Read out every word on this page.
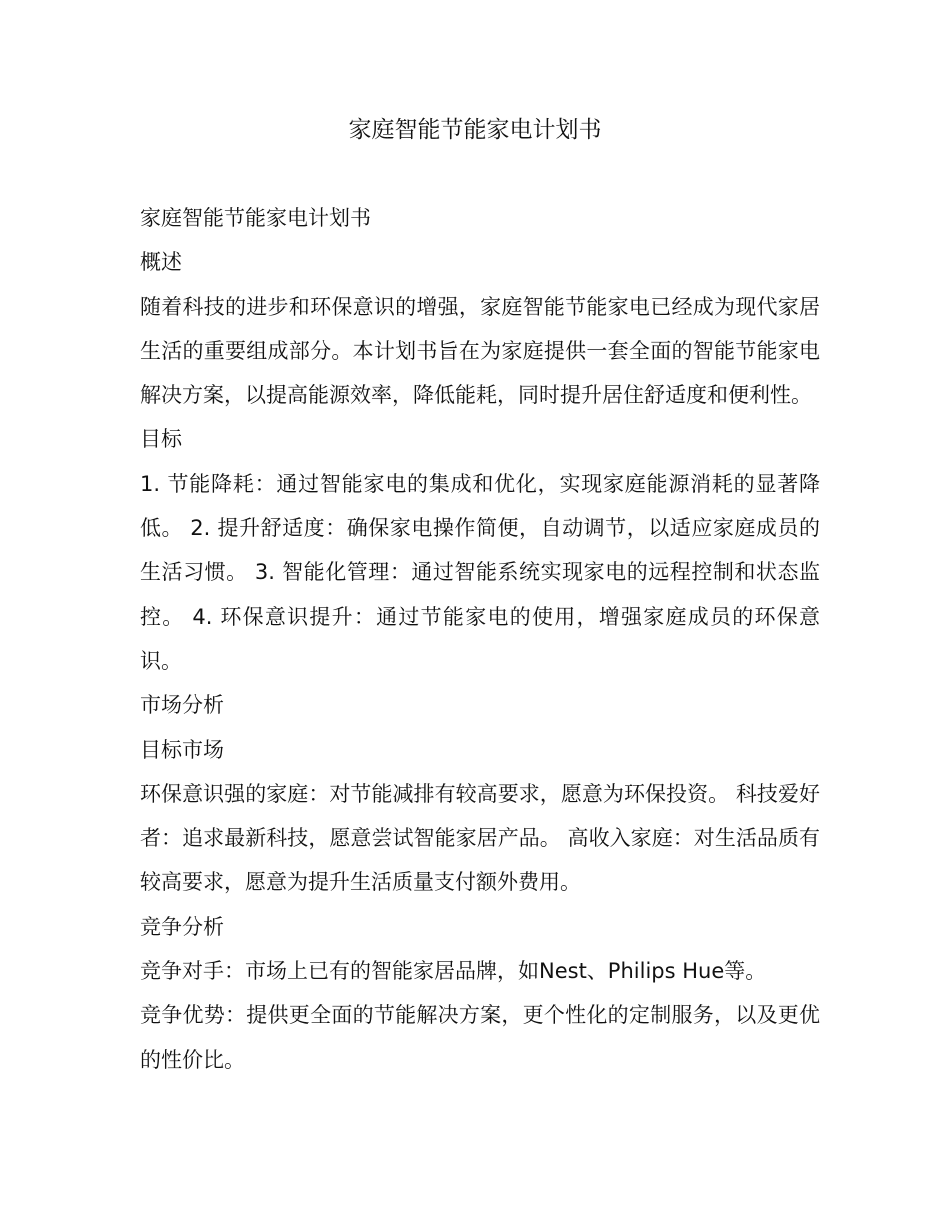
家庭智能节能家电计划书

家庭智能节能家电计划书

概述

随着科技的进步和环保意识的增强，家庭智能节能家电已经成为现代家居生活的重要组成部分。本计划书旨在为家庭提供一套全面的智能节能家电解决方案，以提高能源效率，降低能耗，同时提升居住舒适度和便利性。

目标

1. 节能降耗：通过智能家电的集成和优化，实现家庭能源消耗的显著降低。 2. 提升舒适度：确保家电操作简便，自动调节，以适应家庭成员的生活习惯。 3. 智能化管理：通过智能系统实现家电的远程控制和状态监控。 4. 环保意识提升：通过节能家电的使用，增强家庭成员的环保意识。

市场分析

目标市场

环保意识强的家庭：对节能减排有较高要求，愿意为环保投资。 科技爱好者：追求最新科技，愿意尝试智能家居产品。 高收入家庭：对生活品质有较高要求，愿意为提升生活质量支付额外费用。

竞争分析

竞争对手：市场上已有的智能家居品牌，如Nest、Philips Hue等。

竞争优势：提供更全面的节能解决方案，更个性化的定制服务，以及更优的性价比。
